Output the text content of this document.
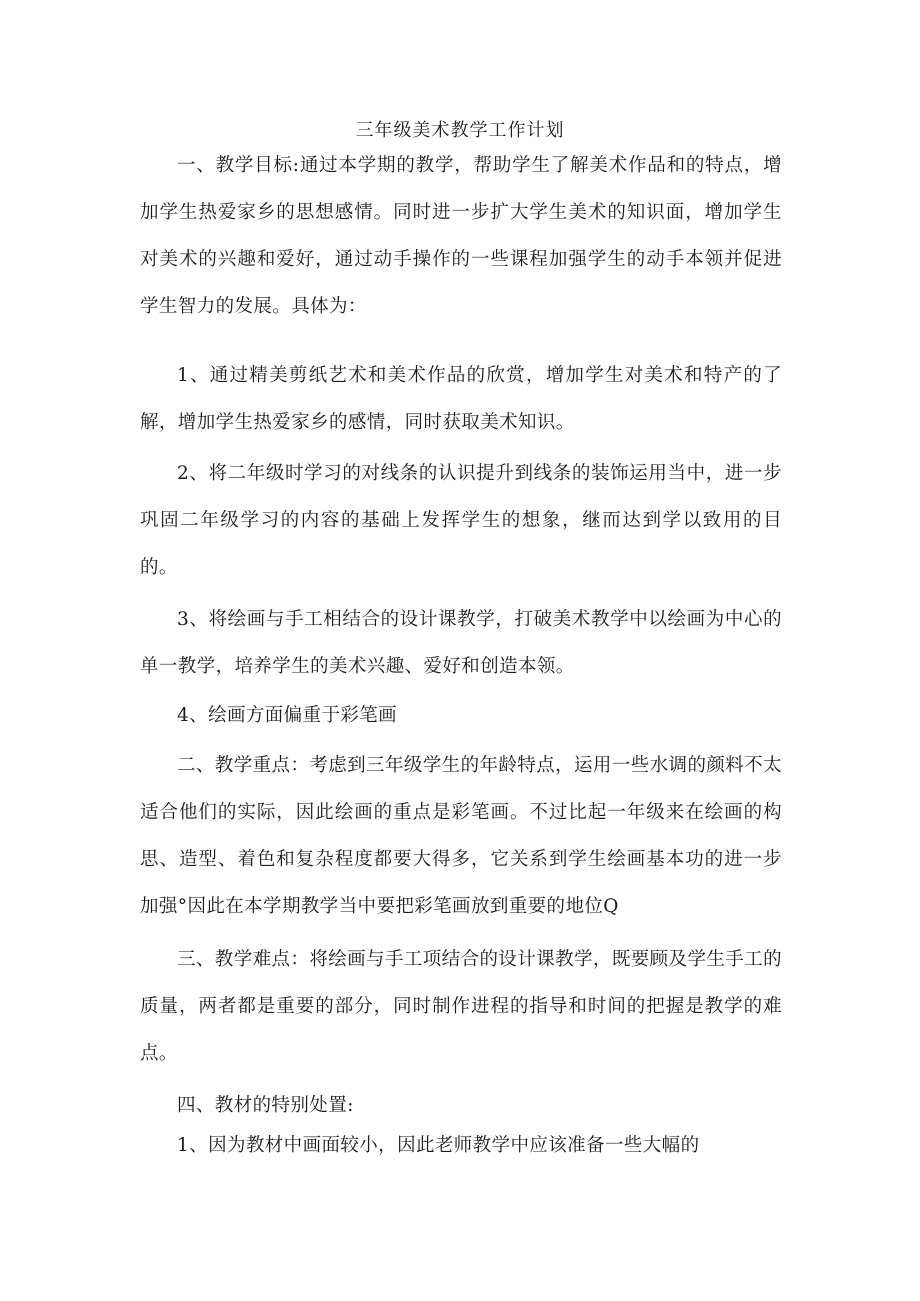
三年级美术教学工作计划

一、教学目标:通过本学期的教学，帮助学生了解美术作品和的特点，增加学生热爱家乡的思想感情。同时进一步扩大学生美术的知识面，增加学生对美术的兴趣和爱好，通过动手操作的一些课程加强学生的动手本领并促进学生智力的发展。具体为：

1、通过精美剪纸艺术和美术作品的欣赏，增加学生对美术和特产的了解，增加学生热爱家乡的感情，同时获取美术知识。

2、将二年级时学习的对线条的认识提升到线条的装饰运用当中，进一步巩固二年级学习的内容的基础上发挥学生的想象，继而达到学以致用的目的。

3、将绘画与手工相结合的设计课教学，打破美术教学中以绘画为中心的单一教学，培养学生的美术兴趣、爱好和创造本领。

4、绘画方面偏重于彩笔画

二、教学重点：考虑到三年级学生的年龄特点，运用一些水调的颜料不太适合他们的实际，因此绘画的重点是彩笔画。不过比起一年级来在绘画的构思、造型、着色和复杂程度都要大得多，它关系到学生绘画基本功的进一步加强°因此在本学期教学当中要把彩笔画放到重要的地位Q

三、教学难点：将绘画与手工项结合的设计课教学，既要顾及学生手工的质量，两者都是重要的部分，同时制作进程的指导和时间的把握是教学的难点。

四、教材的特别处置:

1、因为教材中画面较小，因此老师教学中应该准备一些大幅的
